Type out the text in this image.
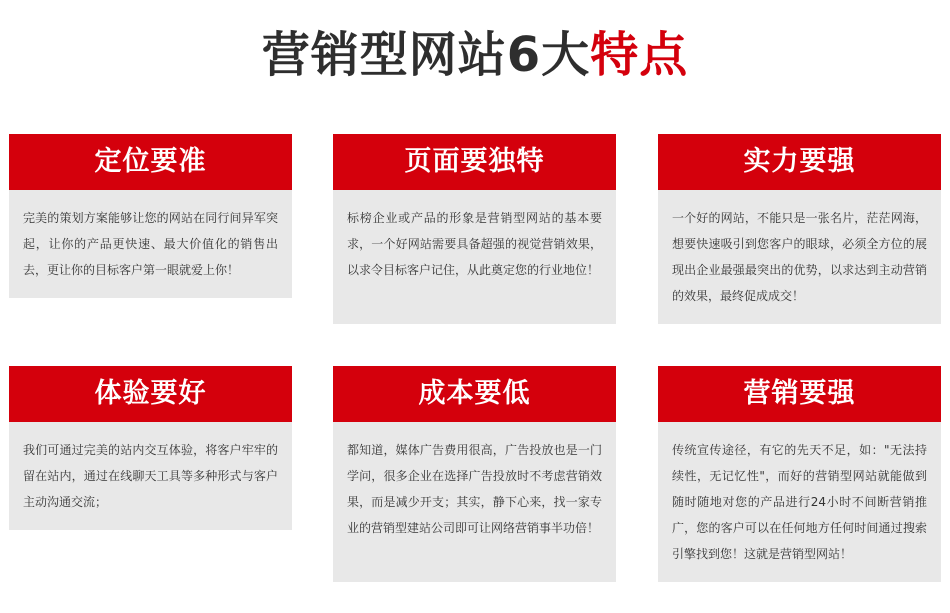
营销型网站6大特点
定位要准
完美的策划方案能够让您的网站在同行间异军突起，让你的产品更快速、最大价值化的销售出去，更让你的目标客户第一眼就爱上你！
页面要独特
标榜企业或产品的形象是营销型网站的基本要求，一个好网站需要具备超强的视觉营销效果，以求令目标客户记住，从此奠定您的行业地位！
实力要强
一个好的网站，不能只是一张名片，茫茫网海，想要快速吸引到您客户的眼球，必须全方位的展现出企业最强最突出的优势，以求达到主动营销的效果，最终促成成交！
体验要好
我们可通过完美的站内交互体验，将客户牢牢的留在站内，通过在线聊天工具等多种形式与客户主动沟通交流；
成本要低
都知道，媒体广告费用很高，广告投放也是一门学问，很多企业在选择广告投放时不考虑营销效果，而是减少开支；其实，静下心来，找一家专业的营销型建站公司即可让网络营销事半功倍！
营销要强
传统宣传途径，有它的先天不足，如："无法持续性，无记忆性"，而好的营销型网站就能做到随时随地对您的产品进行24小时不间断营销推广，您的客户可以在任何地方任何时间通过搜索引擎找到您！这就是营销型网站！
